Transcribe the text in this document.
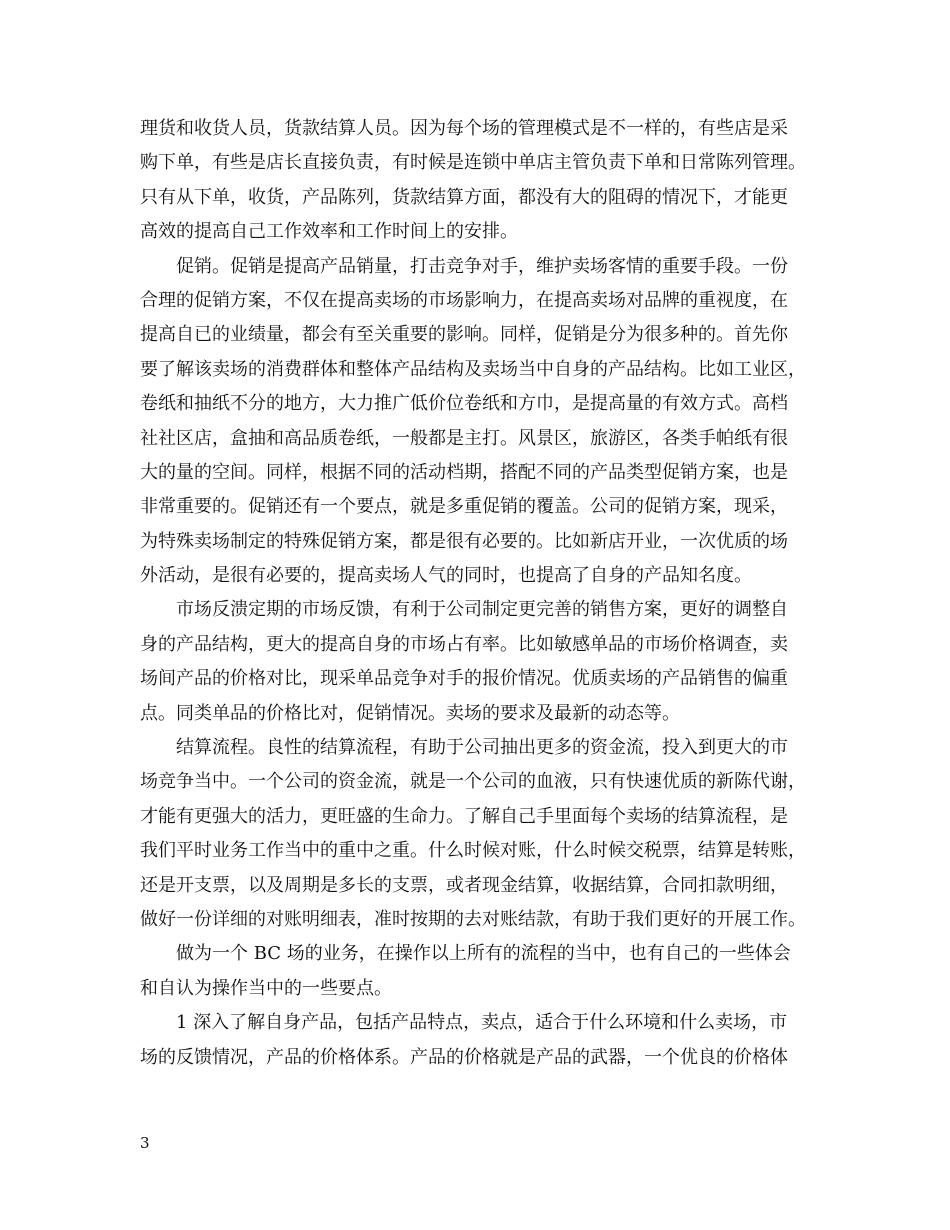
理货和收货人员，货款结算人员。因为每个场的管理模式是不一样的，有些店是采
购下单，有些是店长直接负责，有时候是连锁中单店主管负责下单和日常陈列管理。
只有从下单，收货，产品陈列，货款结算方面，都没有大的阻碍的情况下，才能更
高效的提高自己工作效率和工作时间上的安排。
促销。促销是提高产品销量，打击竞争对手，维护卖场客情的重要手段。一份
合理的促销方案，不仅在提高卖场的市场影响力，在提高卖场对品牌的重视度，在
提高自已的业绩量，都会有至关重要的影响。同样，促销是分为很多种的。首先你
要了解该卖场的消费群体和整体产品结构及卖场当中自身的产品结构。比如工业区，
卷纸和抽纸不分的地方，大力推广低价位卷纸和方巾，是提高量的有效方式。高档
社社区店，盒抽和高品质卷纸，一般都是主打。风景区，旅游区，各类手帕纸有很
大的量的空间。同样，根据不同的活动档期，搭配不同的产品类型促销方案，也是
非常重要的。促销还有一个要点，就是多重促销的覆盖。公司的促销方案，现采，
为特殊卖场制定的特殊促销方案，都是很有必要的。比如新店开业，一次优质的场
外活动，是很有必要的，提高卖场人气的同时，也提高了自身的产品知名度。
市场反溃定期的市场反馈，有利于公司制定更完善的销售方案，更好的调整自
身的产品结构，更大的提高自身的市场占有率。比如敏感单品的市场价格调查，卖
场间产品的价格对比，现采单品竞争对手的报价情况。优质卖场的产品销售的偏重
点。同类单品的价格比对，促销情况。卖场的要求及最新的动态等。
结算流程。良性的结算流程，有助于公司抽出更多的资金流，投入到更大的市
场竞争当中。一个公司的资金流，就是一个公司的血液，只有快速优质的新陈代谢，
才能有更强大的活力，更旺盛的生命力。了解自己手里面每个卖场的结算流程，是
我们平时业务工作当中的重中之重。什么时候对账，什么时候交税票，结算是转账，
还是开支票，以及周期是多长的支票，或者现金结算，收据结算，合同扣款明细，
做好一份详细的对账明细表，准时按期的去对账结款，有助于我们更好的开展工作。
做为一个 BC 场的业务，在操作以上所有的流程的当中，也有自己的一些体会
和自认为操作当中的一些要点。
1 深入了解自身产品，包括产品特点，卖点，适合于什么环境和什么卖场，市
场的反馈情况，产品的价格体系。产品的价格就是产品的武器，一个优良的价格体
3
